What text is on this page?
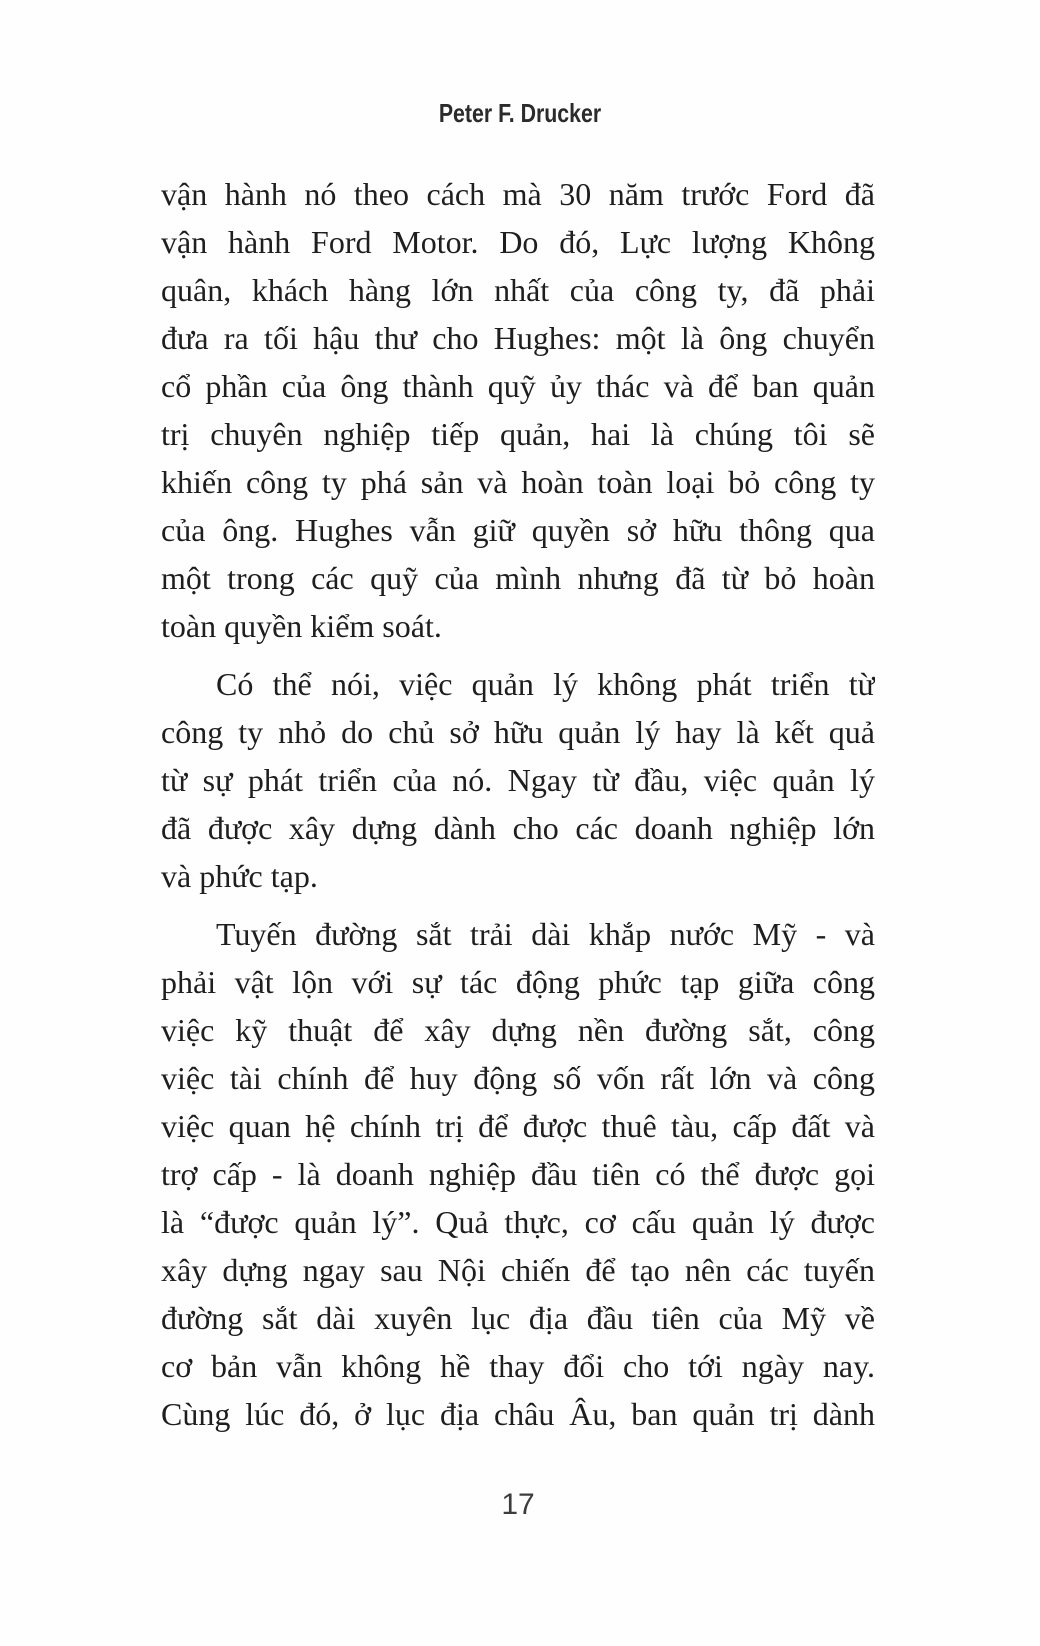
Peter F. Drucker
vận hành nó theo cách mà 30 năm trước Ford đã
vận hành Ford Motor. Do đó, Lực lượng Không
quân, khách hàng lớn nhất của công ty, đã phải
đưa ra tối hậu thư cho Hughes: một là ông chuyển
cổ phần của ông thành quỹ ủy thác và để ban quản
trị chuyên nghiệp tiếp quản, hai là chúng tôi sẽ
khiến công ty phá sản và hoàn toàn loại bỏ công ty
của ông. Hughes vẫn giữ quyền sở hữu thông qua
một trong các quỹ của mình nhưng đã từ bỏ hoàn
toàn quyền kiểm soát.
Có thể nói, việc quản lý không phát triển từ
công ty nhỏ do chủ sở hữu quản lý hay là kết quả
từ sự phát triển của nó. Ngay từ đầu, việc quản lý
đã được xây dựng dành cho các doanh nghiệp lớn
và phức tạp.
Tuyến đường sắt trải dài khắp nước Mỹ - và
phải vật lộn với sự tác động phức tạp giữa công
việc kỹ thuật để xây dựng nền đường sắt, công
việc tài chính để huy động số vốn rất lớn và công
việc quan hệ chính trị để được thuê tàu, cấp đất và
trợ cấp - là doanh nghiệp đầu tiên có thể được gọi
là “được quản lý”. Quả thực, cơ cấu quản lý được
xây dựng ngay sau Nội chiến để tạo nên các tuyến
đường sắt dài xuyên lục địa đầu tiên của Mỹ về
cơ bản vẫn không hề thay đổi cho tới ngày nay.
Cùng lúc đó, ở lục địa châu Âu, ban quản trị dành
17
